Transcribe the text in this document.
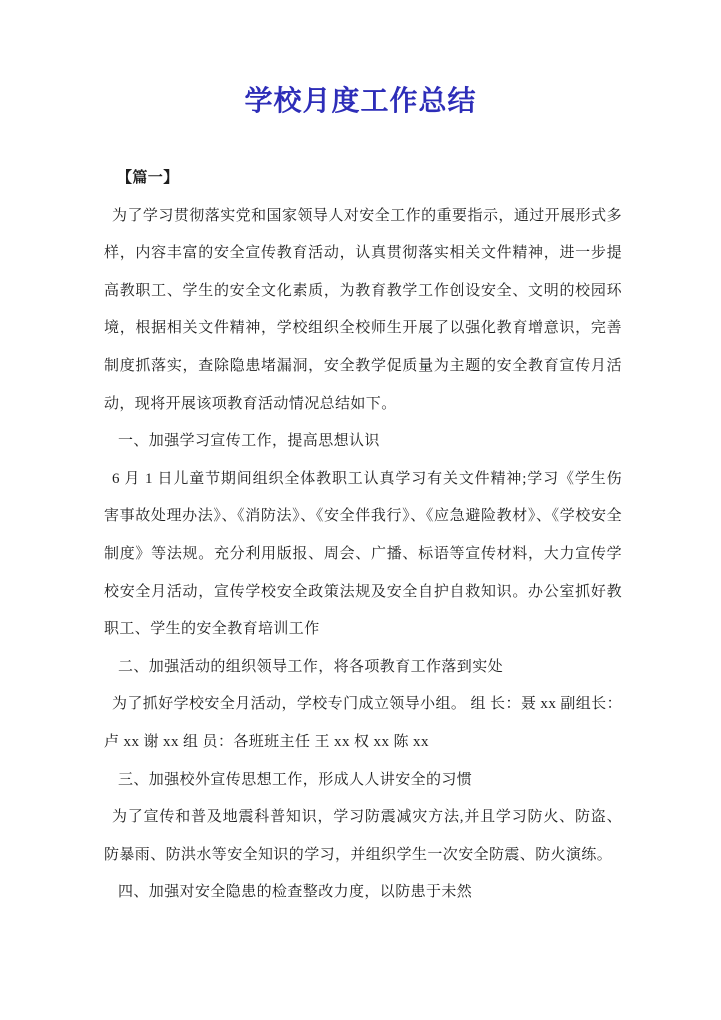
学校月度工作总结

【篇一】

为了学习贯彻落实党和国家领导人对安全工作的重要指示，通过开展形式多样，内容丰富的安全宣传教育活动，认真贯彻落实相关文件精神，进一步提高教职工、学生的安全文化素质，为教育教学工作创设安全、文明的校园环境，根据相关文件精神，学校组织全校师生开展了以强化教育增意识，完善制度抓落实，查除隐患堵漏洞，安全教学促质量为主题的安全教育宣传月活动，现将开展该项教育活动情况总结如下。

一、加强学习宣传工作，提高思想认识

6 月 1 日儿童节期间组织全体教职工认真学习有关文件精神;学习《学生伤害事故处理办法》、《消防法》、《安全伴我行》、《应急避险教材》、《学校安全制度》等法规。充分利用版报、周会、广播、标语等宣传材料，大力宣传学校安全月活动，宣传学校安全政策法规及安全自护自救知识。办公室抓好教职工、学生的安全教育培训工作

二、加强活动的组织领导工作，将各项教育工作落到实处

为了抓好学校安全月活动，学校专门成立领导小组。 组 长：聂 xx 副组长：卢 xx 谢 xx 组 员：各班班主任 王 xx 权 xx 陈 xx

三、加强校外宣传思想工作，形成人人讲安全的习惯

为了宣传和普及地震科普知识，学习防震减灾方法,并且学习防火、防盗、防暴雨、防洪水等安全知识的学习，并组织学生一次安全防震、防火演练。

四、加强对安全隐患的检查整改力度，以防患于未然
